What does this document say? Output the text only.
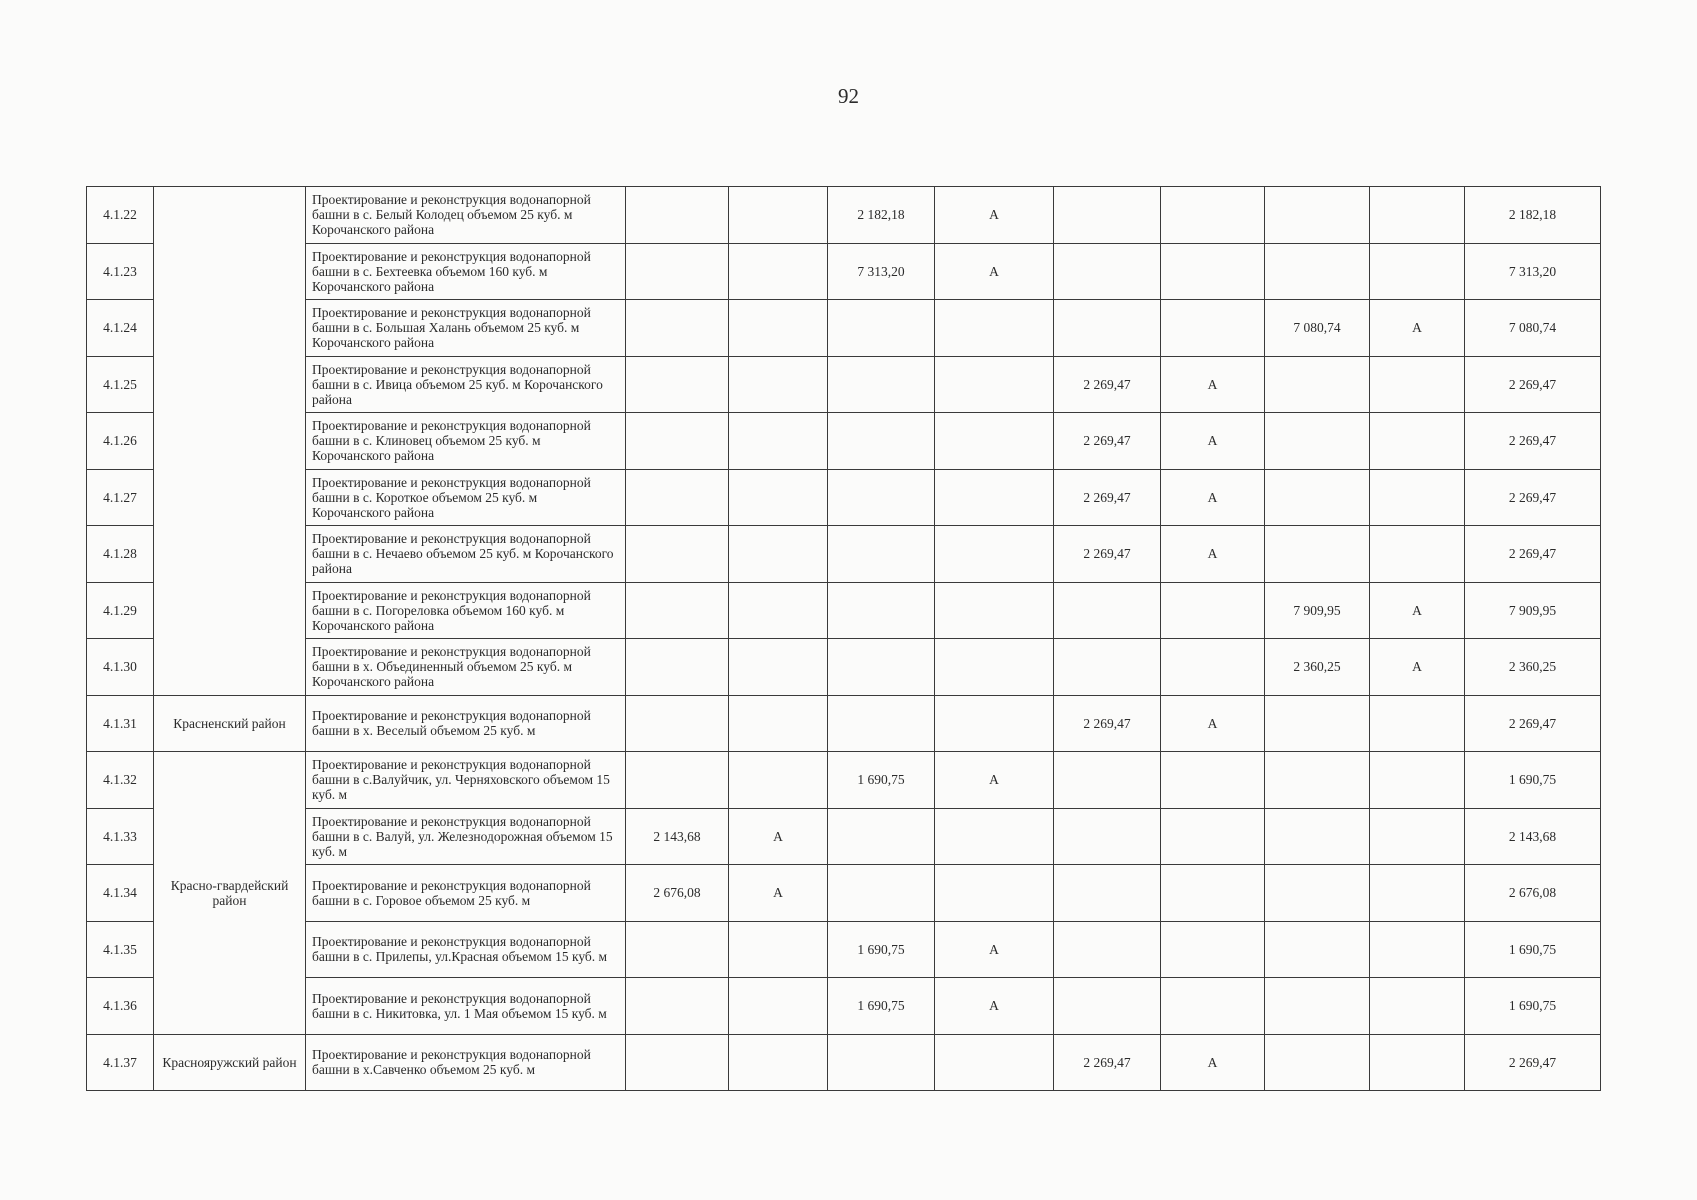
92
4.1.22		Проектирование и реконструкция водонапорной башни в с. Белый Колодец объемом 25 куб. м Корочанского района			2 182,18	А					2 182,18
4.1.23		Проектирование и реконструкция водонапорной башни в с. Бехтеевка объемом 160 куб. м Корочанского района			7 313,20	А					7 313,20
4.1.24		Проектирование и реконструкция водонапорной башни в с. Большая Халань объемом 25 куб. м Корочанского района							7 080,74	А	7 080,74
4.1.25		Проектирование и реконструкция водонапорной башни в с. Ивица объемом 25 куб. м Корочанского района					2 269,47	А			2 269,47
4.1.26		Проектирование и реконструкция водонапорной башни в с. Клиновец объемом 25 куб. м Корочанского района					2 269,47	А			2 269,47
4.1.27		Проектирование и реконструкция водонапорной башни в с. Короткое объемом 25 куб. м Корочанского района					2 269,47	А			2 269,47
4.1.28		Проектирование и реконструкция водонапорной башни в с. Нечаево объемом 25 куб. м Корочанского района					2 269,47	А			2 269,47
4.1.29		Проектирование и реконструкция водонапорной башни в с. Погореловка объемом 160 куб. м Корочанского района							7 909,95	А	7 909,95
4.1.30		Проектирование и реконструкция водонапорной башни в х. Объединенный объемом 25 куб. м Корочанского района							2 360,25	А	2 360,25
4.1.31	Красненский район	Проектирование и реконструкция водонапорной башни в х. Веселый объемом 25 куб. м					2 269,47	А			2 269,47
4.1.32	Красно-гвардейский район	Проектирование и реконструкция водонапорной башни в с.Валуйчик, ул. Черняховского объемом 15 куб. м			1 690,75	А					1 690,75
4.1.33		Проектирование и реконструкция водонапорной башни в с. Валуй, ул. Железнодорожная объемом 15 куб. м	2 143,68	А							2 143,68
4.1.34		Проектирование и реконструкция водонапорной башни в с. Горовое объемом 25 куб. м	2 676,08	А							2 676,08
4.1.35		Проектирование и реконструкция водонапорной башни в с. Прилепы, ул.Красная объемом 15 куб. м			1 690,75	А					1 690,75
4.1.36		Проектирование и реконструкция водонапорной башни в с. Никитовка, ул. 1 Мая объемом 15 куб. м			1 690,75	А					1 690,75
4.1.37	Краснояружский район	Проектирование и реконструкция водонапорной башни в х.Савченко объемом 25 куб. м					2 269,47	А			2 269,47
